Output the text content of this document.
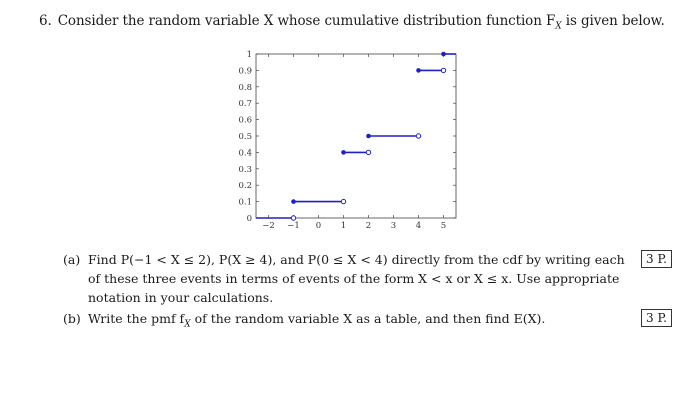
6. Consider the random variable X whose cumulative distribution function $F_X$ is given below.
0
0.1
0.2
0.3
0.4
0.5
0.6
0.7
0.8
0.9
1
−2 −1 0 1 2 3 4 5
(a) Find P(−1 < X ≤ 2), P(X ≥ 4), and P(0 ≤ X < 4) directly from the cdf by writing each
of these three events in terms of events of the form X < x or X ≤ x. Use appropriate
notation in your calculations.
3 P.
(b) Write the pmf $f_X$ of the random variable X as a table, and then find E(X).	3 P.
